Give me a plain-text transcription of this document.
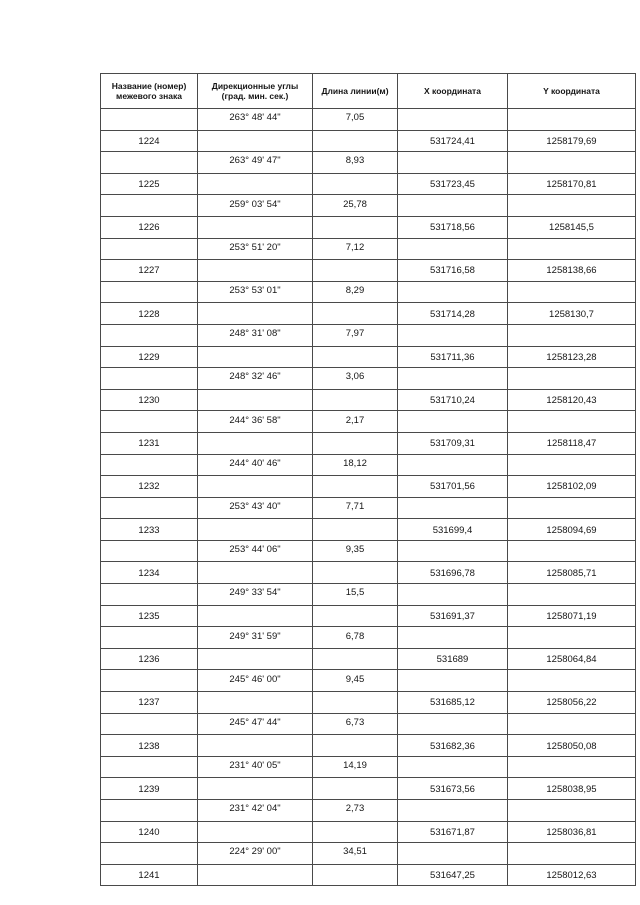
Название (номер)
межевого знака	Дирекционные углы
(град. мин. сек.)	Длина линии(м)	X координата	Y координата

	263° 48' 44"	7,05		
1224			531724,41	1258179,69
	263° 49' 47"	8,93		
1225			531723,45	1258170,81
	259° 03' 54"	25,78		
1226			531718,56	1258145,5
	253° 51' 20"	7,12		
1227			531716,58	1258138,66
	253° 53' 01"	8,29		
1228			531714,28	1258130,7
	248° 31' 08"	7,97		
1229			531711,36	1258123,28
	248° 32' 46"	3,06		
1230			531710,24	1258120,43
	244° 36' 58"	2,17		
1231			531709,31	1258118,47
	244° 40' 46"	18,12		
1232			531701,56	1258102,09
	253° 43' 40"	7,71		
1233			531699,4	1258094,69
	253° 44' 06"	9,35		
1234			531696,78	1258085,71
	249° 33' 54"	15,5		
1235			531691,37	1258071,19
	249° 31' 59"	6,78		
1236			531689	1258064,84
	245° 46' 00"	9,45		
1237			531685,12	1258056,22
	245° 47' 44"	6,73		
1238			531682,36	1258050,08
	231° 40' 05"	14,19		
1239			531673,56	1258038,95
	231° 42' 04"	2,73		
1240			531671,87	1258036,81
	224° 29' 00"	34,51		
1241			531647,25	1258012,63
